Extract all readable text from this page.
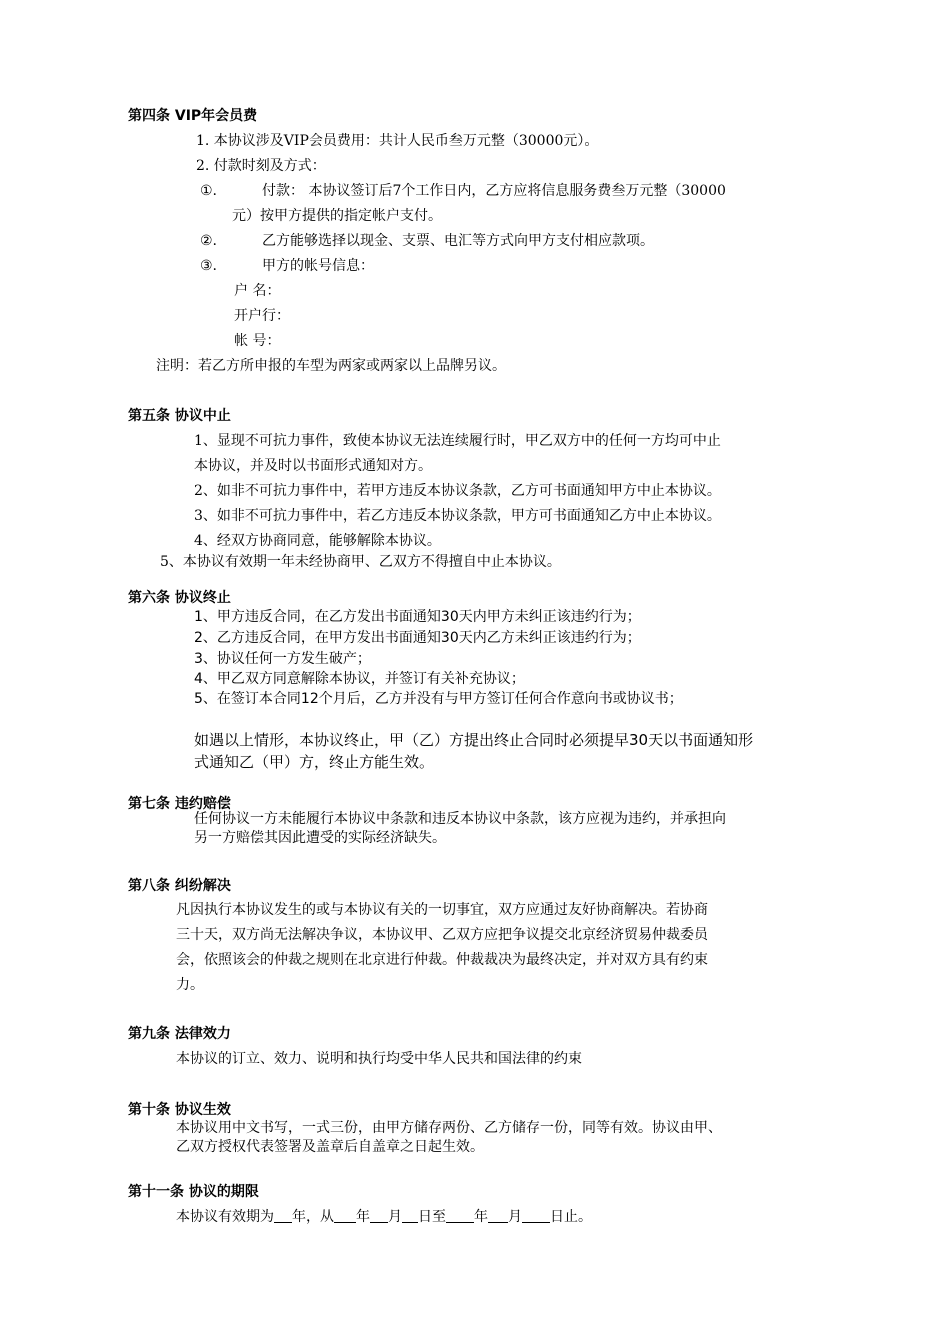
第四条 VIP年会员费
1. 本协议涉及VIP会员费用：共计人民币叁万元整（30000元）。
2. 付款时刻及方式：
①.	付款： 本协议签订后7个工作日内，乙方应将信息服务费叁万元整（30000
元）按甲方提供的指定帐户支付。
②.	乙方能够选择以现金、支票、电汇等方式向甲方支付相应款项。
③.	甲方的帐号信息：
户 名：
开户行：
帐 号：
注明：若乙方所申报的车型为两家或两家以上品牌另议。
第五条 协议中止
1、显现不可抗力事件，致使本协议无法连续履行时，甲乙双方中的任何一方均可中止
本协议，并及时以书面形式通知对方。
2、如非不可抗力事件中，若甲方违反本协议条款，乙方可书面通知甲方中止本协议。
3、如非不可抗力事件中，若乙方违反本协议条款，甲方可书面通知乙方中止本协议。
4、经双方协商同意，能够解除本协议。
5、本协议有效期一年未经协商甲、乙双方不得擅自中止本协议。
第六条 协议终止
1、甲方违反合同，在乙方发出书面通知30天内甲方未纠正该违约行为；
2、乙方违反合同，在甲方发出书面通知30天内乙方未纠正该违约行为；
3、协议任何一方发生破产；
4、甲乙双方同意解除本协议，并签订有关补充协议；
5、在签订本合同12个月后，乙方并没有与甲方签订任何合作意向书或协议书；
如遇以上情形，本协议终止，甲（乙）方提出终止合同时必须提早30天以书面通知形
式通知乙（甲）方，终止方能生效。
第七条 违约赔偿
任何协议一方未能履行本协议中条款和违反本协议中条款，该方应视为违约，并承担向
另一方赔偿其因此遭受的实际经济缺失。
第八条 纠纷解决
凡因执行本协议发生的或与本协议有关的一切事宜，双方应通过友好协商解决。若协商
三十天，双方尚无法解决争议，本协议甲、乙双方应把争议提交北京经济贸易仲裁委员
会，依照该会的仲裁之规则在北京进行仲裁。仲裁裁决为最终决定，并对双方具有约束
力。
第九条 法律效力
本协议的订立、效力、说明和执行均受中华人民共和国法律的约束
第十条 协议生效
本协议用中文书写，一式三份，由甲方储存两份、乙方储存一份，同等有效。协议由甲、
乙双方授权代表签署及盖章后自盖章之日起生效。
第十一条 协议的期限
本协议有效期为 年，从 年 月 日至 年 月 日止。
